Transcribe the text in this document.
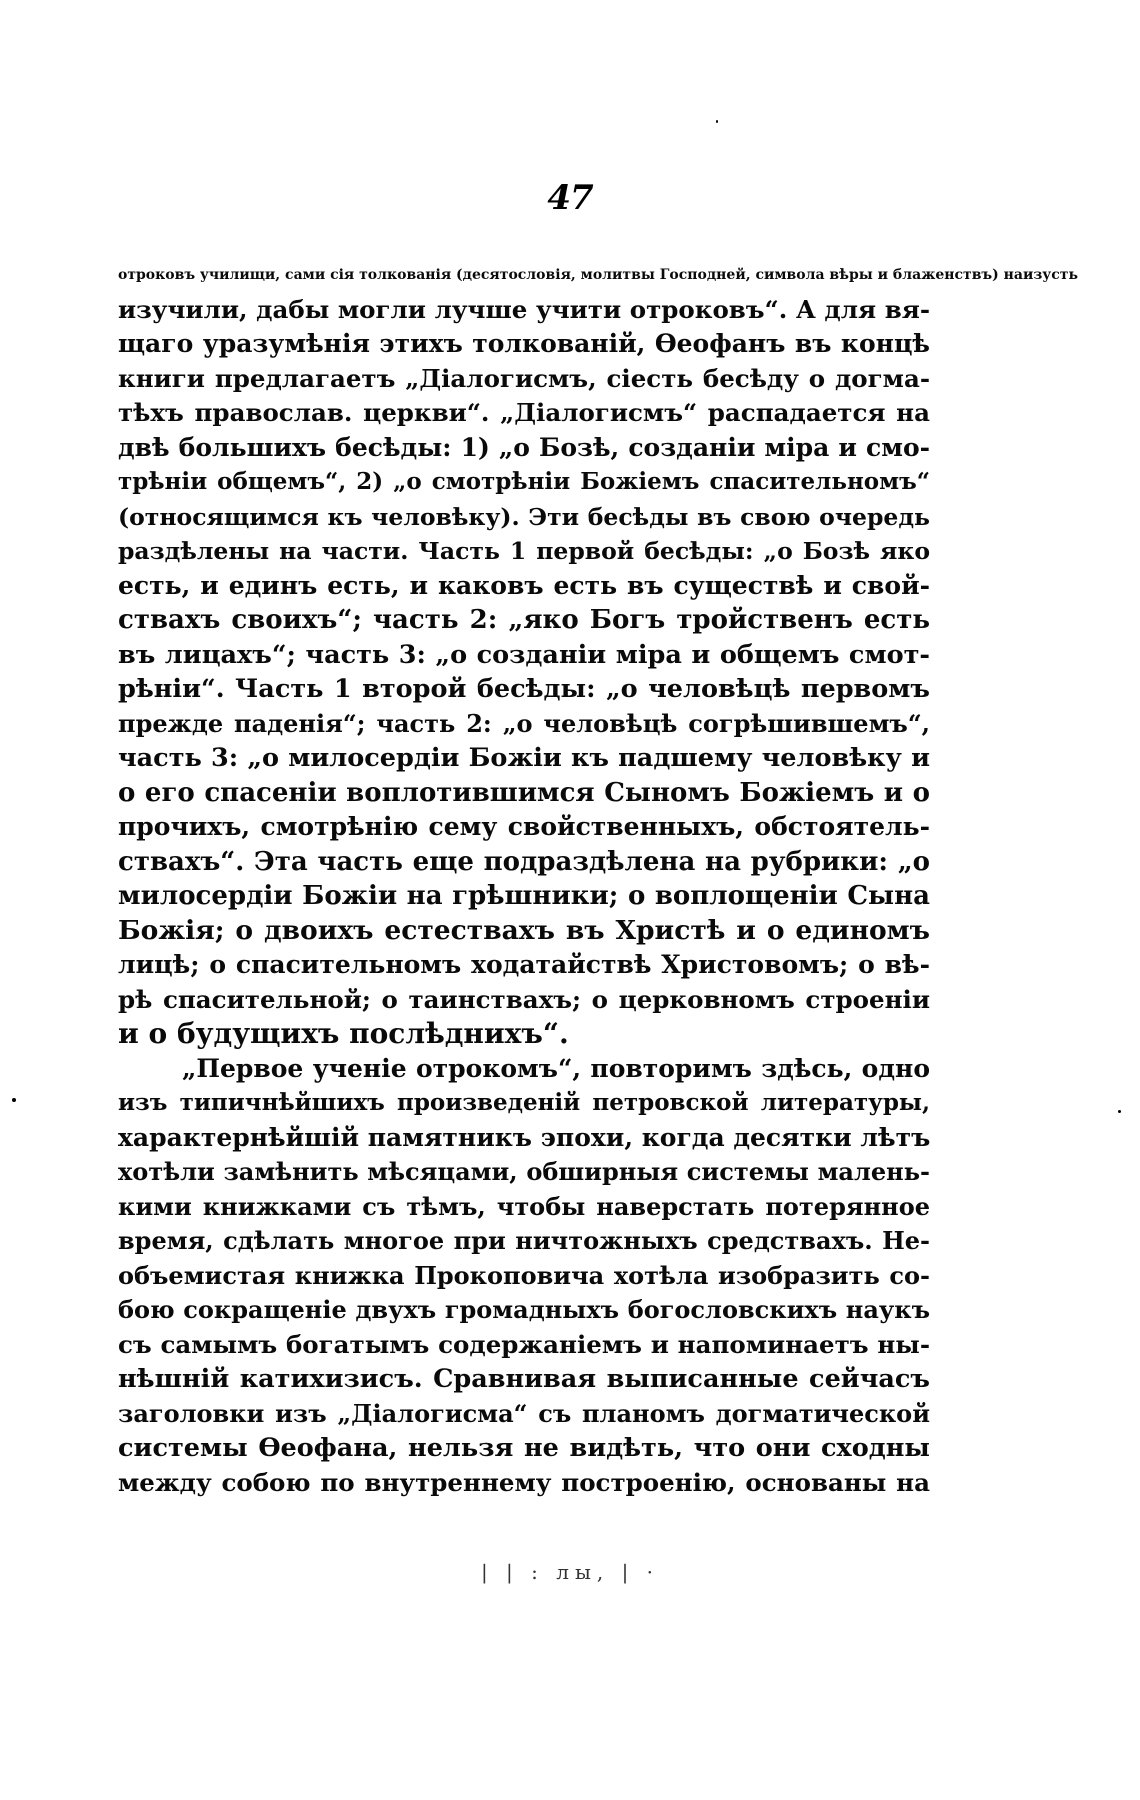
47
отроковъ училищи, сами сія толкованія (десятословія, молитвы Господней, символа вѣры и блаженствъ) наизусть
изучили, дабы могли лучше учити отроковъ“. А для вя-
щаго уразумѣнія этихъ толкованій, Өеофанъ въ концѣ
книги предлагаетъ „Діалогисмъ, сіесть бесѣду о догма-
тѣхъ православ. церкви“. „Діалогисмъ“ распадается на
двѣ большихъ бесѣды: 1) „о Бозѣ, созданіи міра и смо-
трѣніи общемъ“, 2) „о смотрѣніи Божіемъ спасительномъ“
(относящимся къ человѣку). Эти бесѣды въ свою очередь
раздѣлены на части. Часть 1 первой бесѣды: „о Бозѣ яко
есть, и единъ есть, и каковъ есть въ существѣ и свой-
ствахъ своихъ“; часть 2: „яко Богъ тройственъ есть
въ лицахъ“; часть 3: „о созданіи міра и общемъ смот-
рѣніи“. Часть 1 второй бесѣды: „о человѣцѣ первомъ
прежде паденія“; часть 2: „о человѣцѣ согрѣшившемъ“,
часть 3: „о милосердіи Божіи къ падшему человѣку и
о его спасеніи воплотившимся Сыномъ Божіемъ и о
прочихъ, смотрѣнію сему свойственныхъ, обстоятель-
ствахъ“. Эта часть еще подраздѣлена на рубрики: „о
милосердіи Божіи на грѣшники; о воплощеніи Сына
Божія; о двоихъ естествахъ въ Христѣ и о единомъ
лицѣ; о спасительномъ ходатайствѣ Христовомъ; о вѣ-
рѣ спасительной; о таинствахъ; о церковномъ строеніи
и о будущихъ послѣднихъ“.
„Первое ученіе отрокомъ“, повторимъ здѣсь, одно
изъ типичнѣйшихъ произведеній петровской литературы,
характернѣйшій памятникъ эпохи, когда десятки лѣтъ
хотѣли замѣнить мѣсяцами, обширныя системы малень-
кими книжками съ тѣмъ, чтобы наверстать потерянное
время, сдѣлать многое при ничтожныхъ средствахъ. Не-
объемистая книжка Прокоповича хотѣла изобразить со-
бою сокращеніе двухъ громадныхъ богословскихъ наукъ
съ самымъ богатымъ содержаніемъ и напоминаетъ ны-
нѣшній катихизисъ. Сравнивая выписанные сейчасъ
заголовки изъ „Діалогисма“ съ планомъ догматической
системы Өеофана, нельзя не видѣть, что они сходны
между собою по внутреннему построенію, основаны на
| | : лы, | ·
